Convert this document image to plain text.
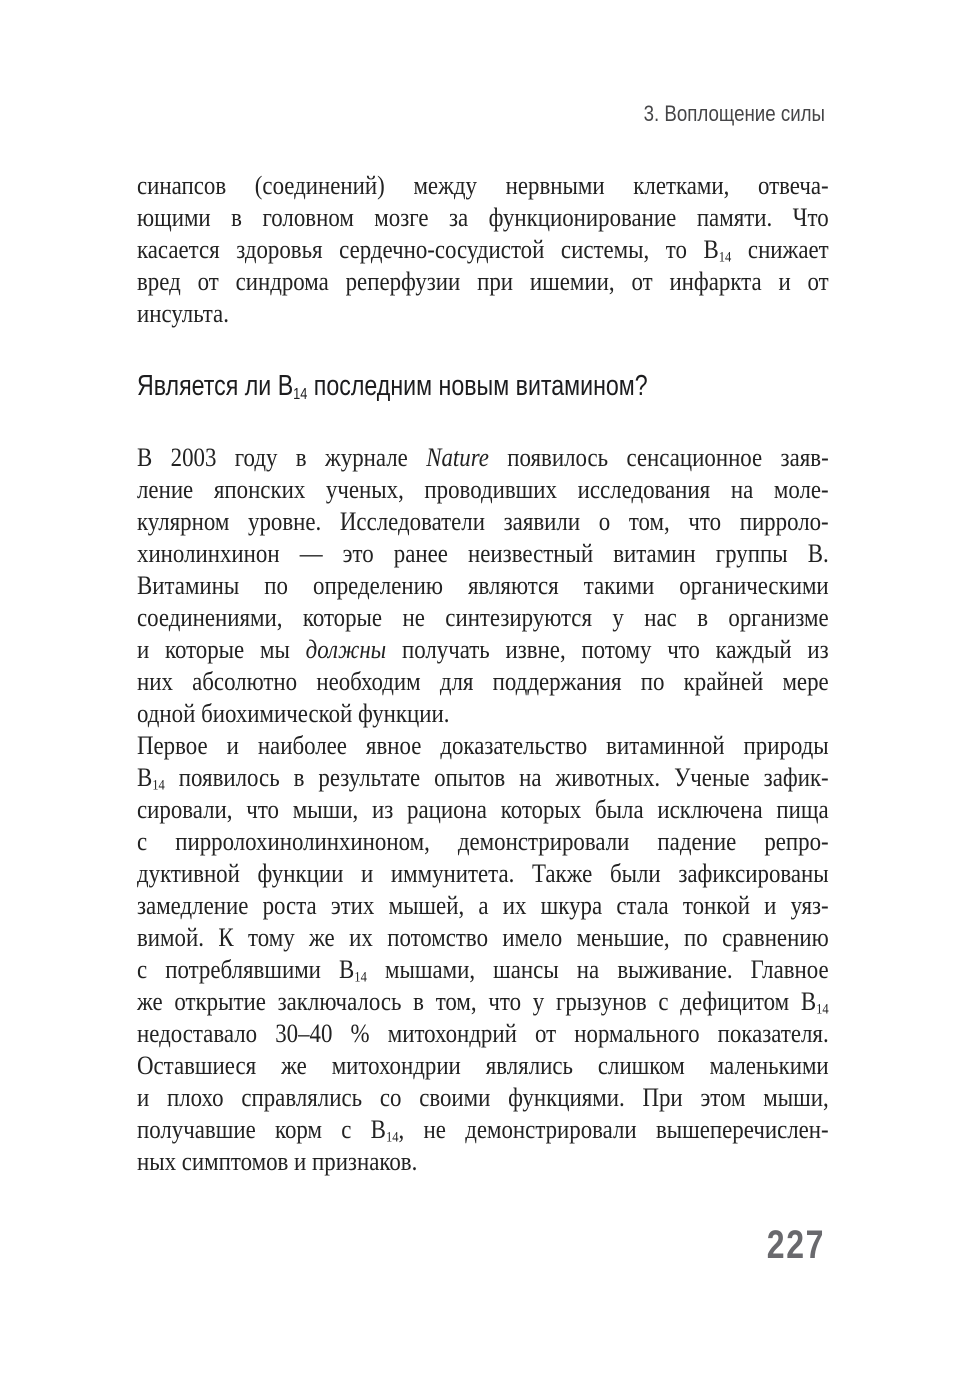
3. Воплощение силы
синапсов (соединений) между нервными клетками, отвеча-
ющими в головном мозге за функционирование памяти. Что
касается здоровья сердечно-сосудистой системы, то $В_{14}$ снижает
вред от синдрома реперфузии при ишемии, от инфаркта и от
инсульта.
Является ли $В_{14}$ последним новым витамином?
В 2003 году в журнале Nature появилось сенсационное заяв-
ление японских ученых, проводивших исследования на моле-
кулярном уровне. Исследователи заявили о том, что пирроло-
хинолинхинон — это ранее неизвестный витамин группы В.
Витамины по определению являются такими органическими
соединениями, которые не синтезируются у нас в организме
и которые мы должны получать извне, потому что каждый из
них абсолютно необходим для поддержания по крайней мере
одной биохимической функции.
Первое и наиболее явное доказательство витаминной природы
$В_{14}$ появилось в результате опытов на животных. Ученые зафик-
сировали, что мыши, из рациона которых была исключена пища
с пирролохинолинхиноном, демонстрировали падение репро-
дуктивной функции и иммунитета. Также были зафиксированы
замедление роста этих мышей, а их шкура стала тонкой и уяз-
вимой. К тому же их потомство имело меньшие, по сравнению
с потреблявшими $В_{14}$ мышами, шансы на выживание. Главное
же открытие заключалось в том, что у грызунов с дефицитом $В_{14}$
недоставало 30–40 % митохондрий от нормального показателя.
Оставшиеся же митохондрии являлись слишком маленькими
и плохо справлялись со своими функциями. При этом мыши,
получавшие корм с $В_{14}$, не демонстрировали вышеперечислен-
ных симптомов и признаков.
227
